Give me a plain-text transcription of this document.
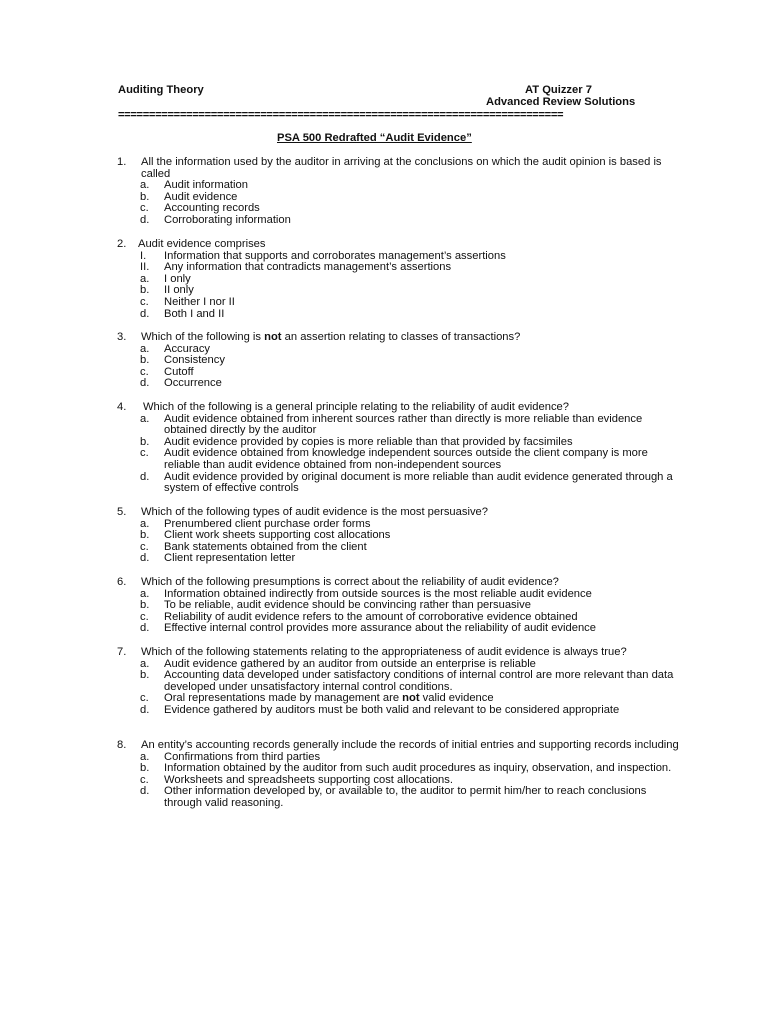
Auditing Theory	AT Quizzer 7
Advanced Review Solutions
========================================================================
PSA 500 Redrafted “Audit Evidence”
1. All the information used by the auditor in arriving at the conclusions on which the audit opinion is based is called
a. Audit information
b. Audit evidence
c. Accounting records
d. Corroborating information
2. Audit evidence comprises
I. Information that supports and corroborates management’s assertions
II. Any information that contradicts management’s assertions
a. I only
b. II only
c. Neither I nor II
d. Both I and II
3. Which of the following is not an assertion relating to classes of transactions?
a. Accuracy
b. Consistency
c. Cutoff
d. Occurrence
4. Which of the following is a general principle relating to the reliability of audit evidence?
a. Audit evidence obtained from inherent sources rather than directly is more reliable than evidence obtained directly by the auditor
b. Audit evidence provided by copies is more reliable than that provided by facsimiles
c. Audit evidence obtained from knowledge independent sources outside the client company is more reliable than audit evidence obtained from non-independent sources
d. Audit evidence provided by original document is more reliable than audit evidence generated through a system of effective controls
5. Which of the following types of audit evidence is the most persuasive?
a. Prenumbered client purchase order forms
b. Client work sheets supporting cost allocations
c. Bank statements obtained from the client
d. Client representation letter
6. Which of the following presumptions is correct about the reliability of audit evidence?
a. Information obtained indirectly from outside sources is the most reliable audit evidence
b. To be reliable, audit evidence should be convincing rather than persuasive
c. Reliability of audit evidence refers to the amount of corroborative evidence obtained
d. Effective internal control provides more assurance about the reliability of audit evidence
7. Which of the following statements relating to the appropriateness of audit evidence is always true?
a. Audit evidence gathered by an auditor from outside an enterprise is reliable
b. Accounting data developed under satisfactory conditions of internal control are more relevant than data developed under unsatisfactory internal control conditions.
c. Oral representations made by management are not valid evidence
d. Evidence gathered by auditors must be both valid and relevant to be considered appropriate
8. An entity’s accounting records generally include the records of initial entries and supporting records including
a. Confirmations from third parties
b. Information obtained by the auditor from such audit procedures as inquiry, observation, and inspection.
c. Worksheets and spreadsheets supporting cost allocations.
d. Other information developed by, or available to, the auditor to permit him/her to reach conclusions through valid reasoning.
